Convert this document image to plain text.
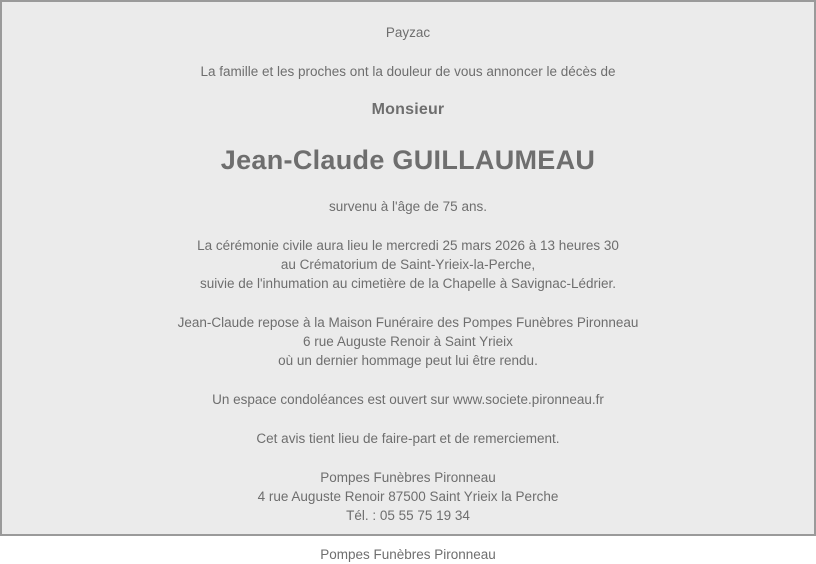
Payzac
La famille et les proches ont la douleur de vous annoncer le décès de
Monsieur
Jean-Claude GUILLAUMEAU
survenu à l'âge de 75 ans.

La cérémonie civile aura lieu le mercredi 25 mars 2026 à 13 heures 30

au Crématorium de Saint-Yrieix-la-Perche,

suivie de l'inhumation au cimetière de la Chapelle à Savignac-Lédrier.

Jean-Claude repose à la Maison Funéraire des Pompes Funèbres Pironneau

6 rue Auguste Renoir à Saint Yrieix

où un dernier hommage peut lui être rendu.

Un espace condoléances est ouvert sur www.societe.pironneau.fr
Cet avis tient lieu de faire-part et de remerciement.

Pompes Funèbres Pironneau

4 rue Auguste Renoir 87500 Saint Yrieix la Perche

Tél. : 05 55 75 19 34

Pompes Funèbres Pironneau
